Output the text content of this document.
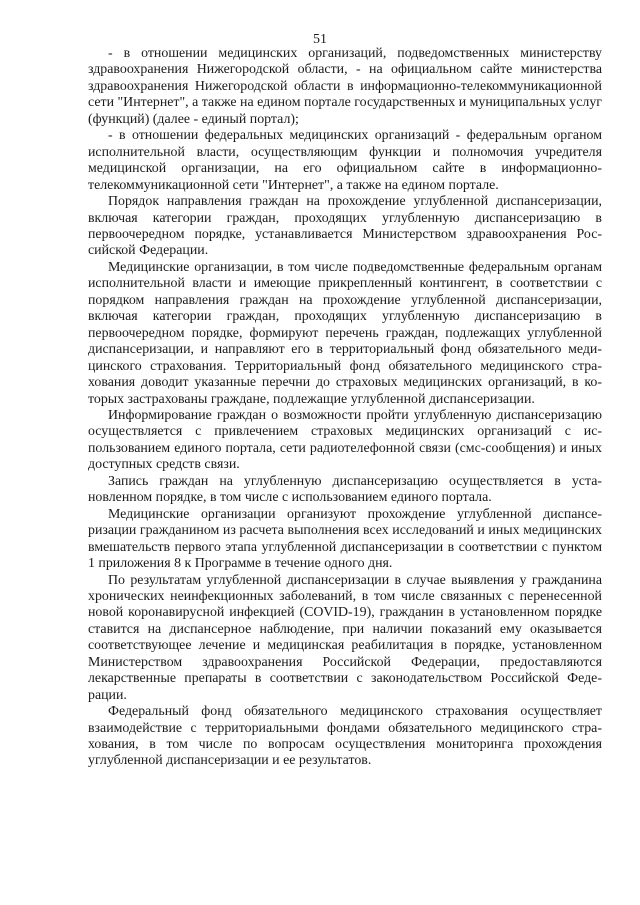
51

- в отношении медицинских организаций, подведомственных министерству здравоохранения Нижегородской области, - на официальном сайте министерства здравоохранения Нижегородской области в информационно-телекоммуникационной сети "Интернет", а также на едином портале государственных и муниципальных услуг (функций) (далее - единый портал);

- в отношении федеральных медицинских организаций - федеральным органом исполнительной власти, осуществляющим функции и полномочия учредителя медицинской организации, на его официальном сайте в информационно-телекоммуникационной сети "Интернет", а также на едином портале.

Порядок направления граждан на прохождение углубленной диспансеризации, включая категории граждан, проходящих углубленную диспансеризацию в первоочередном порядке, устанавливается Министерством здравоохранения Российской Федерации.

Медицинские организации, в том числе подведомственные федеральным органам исполнительной власти и имеющие прикрепленный контингент, в соответствии с порядком направления граждан на прохождение углубленной диспансеризации, включая категории граждан, проходящих углубленную диспансеризацию в первоочередном порядке, формируют перечень граждан, подлежащих углубленной диспансеризации, и направляют его в территориальный фонд обязательного медицинского страхования. Территориальный фонд обязательного медицинского страхования доводит указанные перечни до страховых медицинских организаций, в которых застрахованы граждане, подлежащие углубленной диспансеризации.

Информирование граждан о возможности пройти углубленную диспансеризацию осуществляется с привлечением страховых медицинских организаций с использованием единого портала, сети радиотелефонной связи (смс-сообщения) и иных доступных средств связи.

Запись граждан на углубленную диспансеризацию осуществляется в установленном порядке, в том числе с использованием единого портала.

Медицинские организации организуют прохождение углубленной диспансеризации гражданином из расчета выполнения всех исследований и иных медицинских вмешательств первого этапа углубленной диспансеризации в соответствии с пунктом 1 приложения 8 к Программе в течение одного дня.

По результатам углубленной диспансеризации в случае выявления у гражданина хронических неинфекционных заболеваний, в том числе связанных с перенесенной новой коронавирусной инфекцией (COVID-19), гражданин в установленном порядке ставится на диспансерное наблюдение, при наличии показаний ему оказывается соответствующее лечение и медицинская реабилитация в порядке, установленном Министерством здравоохранения Российской Федерации, предоставляются лекарственные препараты в соответствии с законодательством Российской Федерации.

Федеральный фонд обязательного медицинского страхования осуществляет взаимодействие с территориальными фондами обязательного медицинского страхования, в том числе по вопросам осуществления мониторинга прохождения углубленной диспансеризации и ее результатов.
